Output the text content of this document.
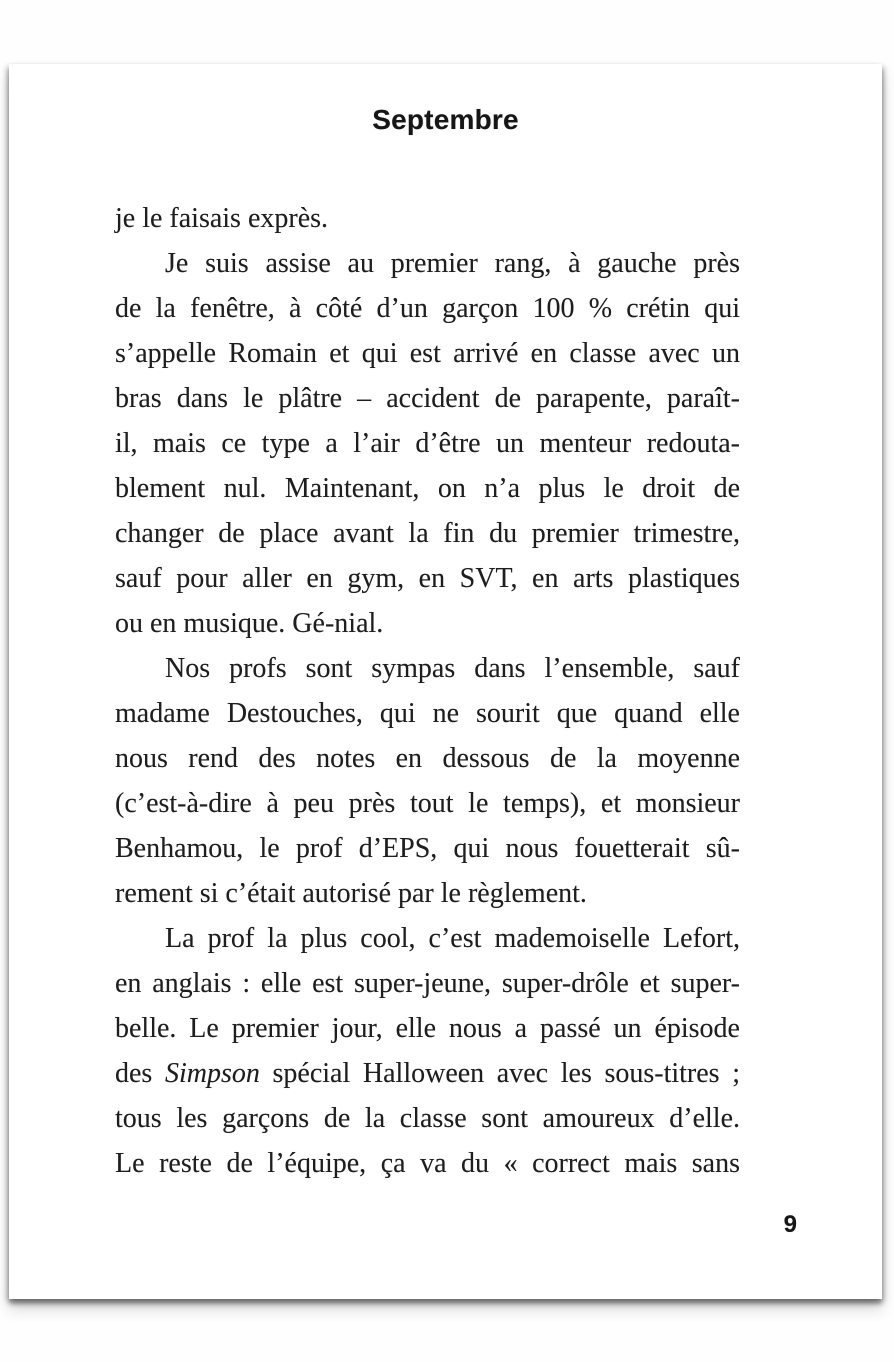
Septembre
je le faisais exprès.
Je suis assise au premier rang, à gauche près
de la fenêtre, à côté d’un garçon 100 % crétin qui
s’appelle Romain et qui est arrivé en classe avec un
bras dans le plâtre – accident de parapente, paraît-
il, mais ce type a l’air d’être un menteur redouta-
blement nul. Maintenant, on n’a plus le droit de
changer de place avant la fin du premier trimestre,
sauf pour aller en gym, en SVT, en arts plastiques
ou en musique. Gé-nial.
Nos profs sont sympas dans l’ensemble, sauf
madame Destouches, qui ne sourit que quand elle
nous rend des notes en dessous de la moyenne
(c’est-à-dire à peu près tout le temps), et monsieur
Benhamou, le prof d’EPS, qui nous fouetterait sû-
rement si c’était autorisé par le règlement.
La prof la plus cool, c’est mademoiselle Lefort,
en anglais : elle est super-jeune, super-drôle et super-
belle. Le premier jour, elle nous a passé un épisode
des Simpson spécial Halloween avec les sous-titres ;
tous les garçons de la classe sont amoureux d’elle.
Le reste de l’équipe, ça va du « correct mais sans
9
